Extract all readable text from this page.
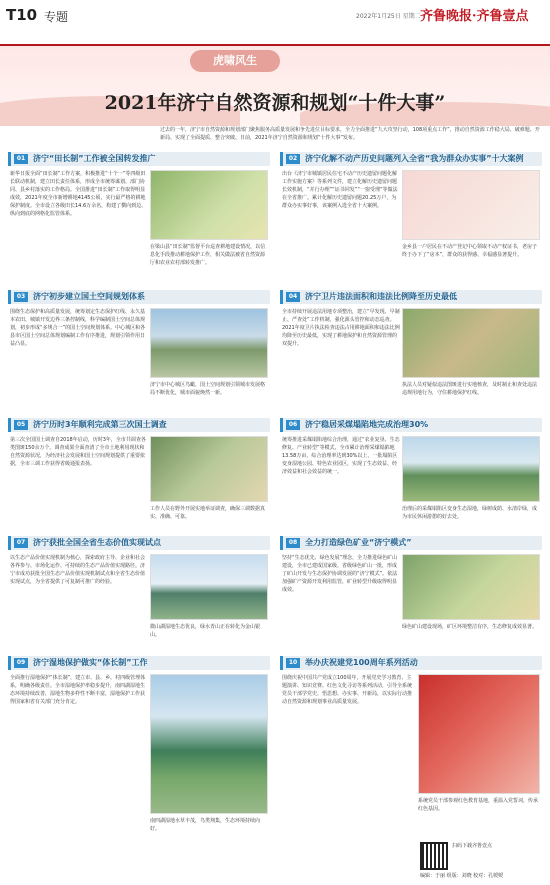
T10 专题	2022年1月25日 星期二 齐鲁晚报·齐鲁壹点
虎啸风生
2021年济宁自然资源和规划“十件大事”
过去的一年，济宁市自然资源和规划部门聚焦服务高质量发展和争先进位目标要求，全力全面推进“九大攻坚行动，108项重点工作”，推动自然资源工作稳大局、破难题、开新局、实现了全面提质、整合突破。日前，2021年济宁自然资源和规划“十件大事”发布。
01 济宁“田长制”工作被全国转发推广
新华日报全面“田长制”工作方案，积极推进“十个一”等四级田长联动机制，建立田长责任体系，形成全市统筹谋划、部门协同、县乡村落实的工作格局。全国推进“田长制”工作取得明显成效，2021年度全市新增耕地4145公顷，实行最严格的耕地保护制度。全市设立各级田长14.6万余名，构建了横向到边、纵向到底的网格化监管体系。
在梁山县“田长制”监督平台巡查耕地建设情况，以信息化手段推动耕地保护工作，相关做法被省自然资源厅和农业农村部转发推广。
02 济宁化解不动产历史问题列入全省“我为群众办实事”十大案例
出台《济宁市城镇居民住宅不动产历史遗留问题化解工作实施方案》等系列文件，建立化解历史遗留问题长效机制，“并行办理”“证书同发”“一窗受理”等做法在全省推广。累计化解历史遗留问题20.25万户，为群众办实事好事，该案例入选全省十大案例。
金乡县一户居民在不动产登记中心领取不动产权证书，老房子终于办下了“房本”，群众的获得感、幸福感显著提升。
03 济宁初步建立国土空间规划体系
围绕生态保护和高质量发展，统筹划定生态保护红线、永久基本农田、城镇开发边界三条控制线，科学编制国土空间总体规划，初步形成“多规合一”的国土空间规划体系。中心城区和各县市区国土空间总体规划编制工作有序推进，规划引领作用日益凸显。
济宁市中心城区鸟瞰，国土空间规划引领城市发展格局不断优化，城市面貌焕然一新。
04 济宁卫片违法面积和违法比例降至历史最低
全市持续开展违法用地专项整治，建立“早发现、早制止、严查处”工作机制，强化源头管控和动态巡查。2021年度卫片执法检查违法占用耕地面积和违法比例均降至历史最低，实现了耕地保护和自然资源管理的双提升。
执法人员对疑似违法图斑进行实地核查，及时制止和查处违法违规用地行为，守住耕地保护红线。
05 济宁历时3年顺利完成第三次国土调查
第三次全国国土调查自2018年启动，历时3年，全市共调查各类图斑150余万个。调查成果全面查清了全市土地利用现状和自然资源状况，为经济社会发展和国土空间规划提供了重要依据，全市三调工作获得省级通报表扬。
工作人员在野外开展实地举证调查，确保三调数据真实、准确、可靠。
06 济宁稳居采煤塌陷地完成治理30%
统筹推进采煤塌陷地综合治理，通过“农业复垦、生态修复、产业转型”等模式，全市累计治理采煤塌陷地13.58万亩，综合治理率达到30%以上，一批塌陷区变身湿地公园、特色农业园区，实现了生态效益、经济效益和社会效益的统一。
治理后的采煤塌陷区变身生态湿地，绿树成荫、水清岸绿，成为市民休闲游憩的好去处。
07 济宁获批全国全省生态价值实现试点
以生态产品价值实现机制为核心，探索政府主导、企业和社会各界参与、市场化运作、可持续的生态产品价值实现路径。济宁市成功获批全国生态产品价值实现机制试点和全省生态价值实现试点，为全省提供了可复制可推广的经验。
微山湖湿地生态优良，绿水青山正在转化为金山银山。
08 全力打造绿色矿业“济宁模式”
坚持“生态优先、绿色发展”理念，全力推进绿色矿山建设，全市已建成国家级、省级绿色矿山一批，形成了矿山开发与生态保护协调发展的“济宁模式”。依法加强矿产资源开发利用监管，矿业转型升级取得明显成效。
绿色矿山建设现场，矿区环境整洁有序，生态修复成效显著。
09 济宁湿地保护做实“体长制”工作
全面推行湿地保护“体长制”，建立市、县、乡、村四级管理体系，明确各级责任。全市湿地保护率稳步提升，南四湖湿地生态环境持续改善，湿地生物多样性不断丰富，湿地保护工作获得国家和省有关部门充分肯定。
南四湖湿地水草丰茂，鸟类翔集，生态环境持续向好。
10 举办庆祝建党100周年系列活动
围绕庆祝中国共产党成立100周年，开展党史学习教育、主题演讲、知识竞赛、红色文化寻访等系列活动，引导全系统党员干部学党史、悟思想、办实事、开新局，以实际行动推动自然资源和规划事业高质量发展。
系统党员干部参观红色教育基地，重温入党誓词，传承红色基因。
扫码下载齐鲁壹点
编辑：于丽 组版：刘晓 校对：孔媛媛
